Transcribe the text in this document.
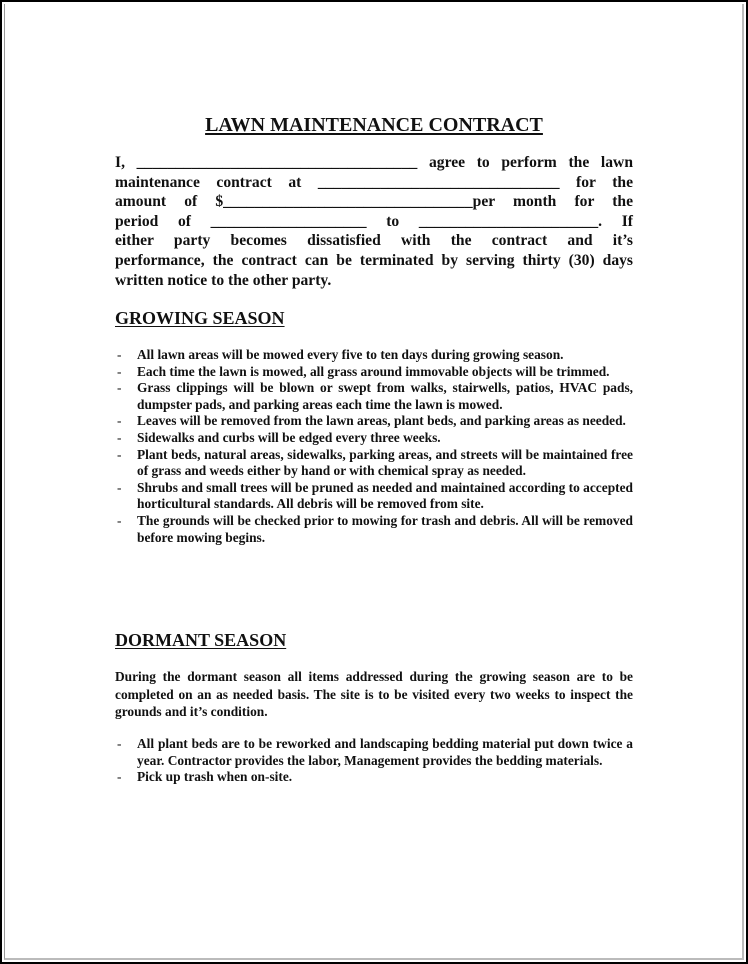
LAWN MAINTENANCE CONTRACT
I, ____________________________________ agree to perform the lawn
maintenance contract at _______________________________ for the
amount of $________________________________per month for the
period of ____________________ to _______________________. If
either party becomes dissatisfied with the contract and it’s
performance, the contract can be terminated by serving thirty (30) days
written notice to the other party.
GROWING SEASON
- All lawn areas will be mowed every five to ten days during growing season.
- Each time the lawn is mowed, all grass around immovable objects will be trimmed.
- Grass clippings will be blown or swept from walks, stairwells, patios, HVAC pads, dumpster pads, and parking areas each time the lawn is mowed.
- Leaves will be removed from the lawn areas, plant beds, and parking areas as needed.
- Sidewalks and curbs will be edged every three weeks.
- Plant beds, natural areas, sidewalks, parking areas, and streets will be maintained free of grass and weeds either by hand or with chemical spray as needed.
- Shrubs and small trees will be pruned as needed and maintained according to accepted horticultural standards. All debris will be removed from site.
- The grounds will be checked prior to mowing for trash and debris. All will be removed before mowing begins.
DORMANT SEASON
During the dormant season all items addressed during the growing season are to be completed on an as needed basis. The site is to be visited every two weeks to inspect the grounds and it’s condition.
- All plant beds are to be reworked and landscaping bedding material put down twice a year. Contractor provides the labor, Management provides the bedding materials.
- Pick up trash when on-site.
